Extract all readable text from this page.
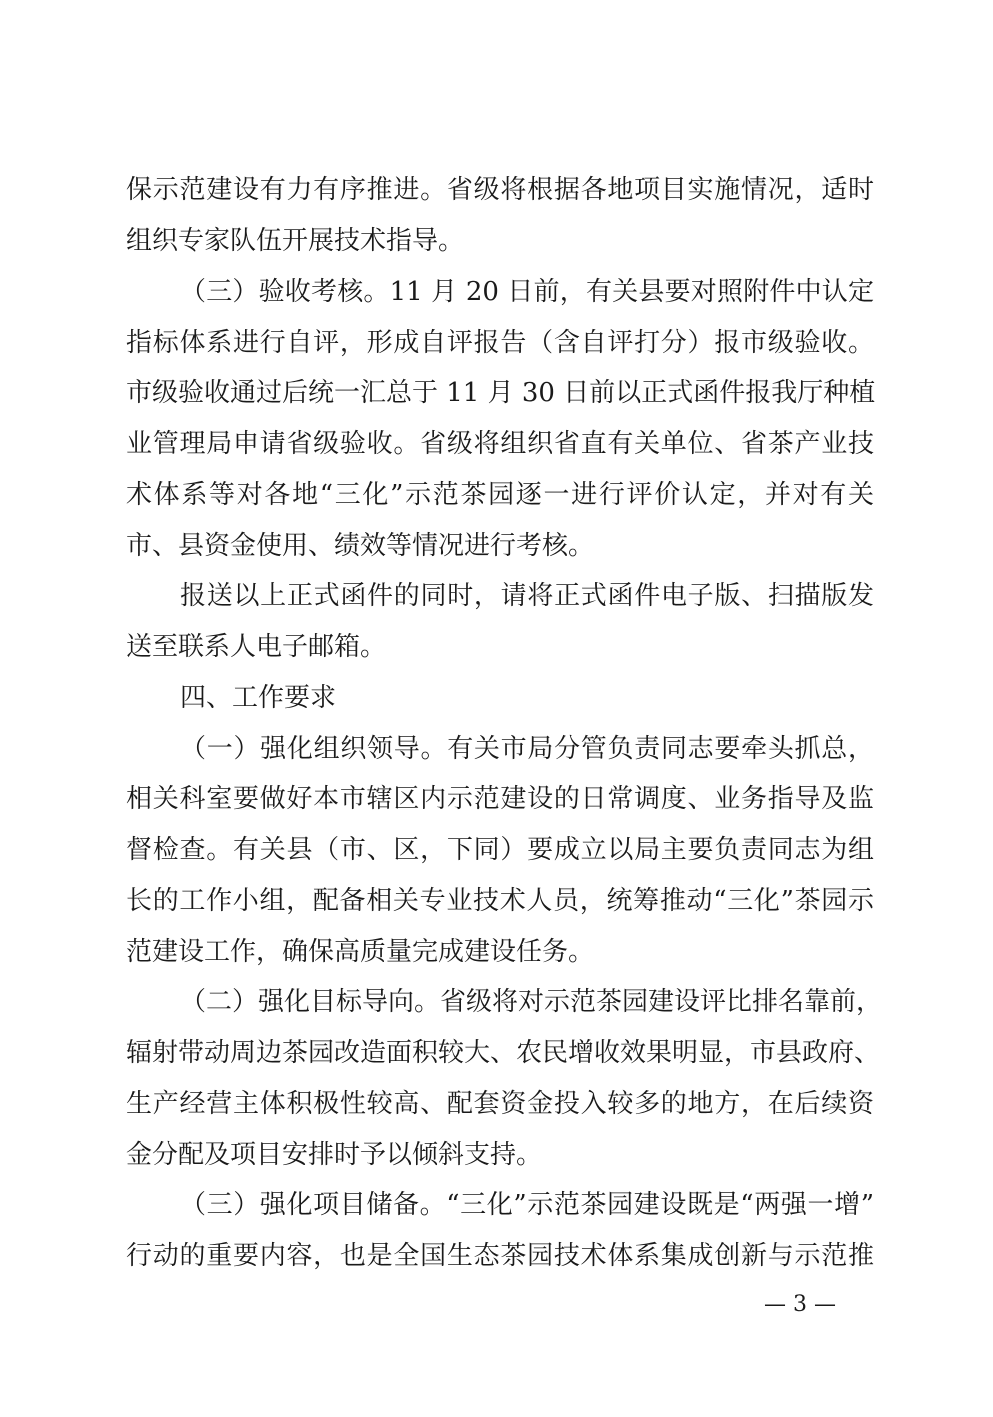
保示范建设有力有序推进。省级将根据各地项目实施情况，适时
组织专家队伍开展技术指导。
（三）验收考核。11 月 20 日前，有关县要对照附件中认定
指标体系进行自评，形成自评报告（含自评打分）报市级验收。
市级验收通过后统一汇总于 11 月 30 日前以正式函件报我厅种植
业管理局申请省级验收。省级将组织省直有关单位、省茶产业技
术体系等对各地“三化”示范茶园逐一进行评价认定，并对有关
市、县资金使用、绩效等情况进行考核。
报送以上正式函件的同时，请将正式函件电子版、扫描版发
送至联系人电子邮箱。
四、工作要求
（一）强化组织领导。有关市局分管负责同志要牵头抓总，
相关科室要做好本市辖区内示范建设的日常调度、业务指导及监
督检查。有关县（市、区，下同）要成立以局主要负责同志为组
长的工作小组，配备相关专业技术人员，统筹推动“三化”茶园示
范建设工作，确保高质量完成建设任务。
（二）强化目标导向。省级将对示范茶园建设评比排名靠前，
辐射带动周边茶园改造面积较大、农民增收效果明显，市县政府、
生产经营主体积极性较高、配套资金投入较多的地方，在后续资
金分配及项目安排时予以倾斜支持。
（三）强化项目储备。“三化”示范茶园建设既是“两强一增”
行动的重要内容，也是全国生态茶园技术体系集成创新与示范推
— 3 —
